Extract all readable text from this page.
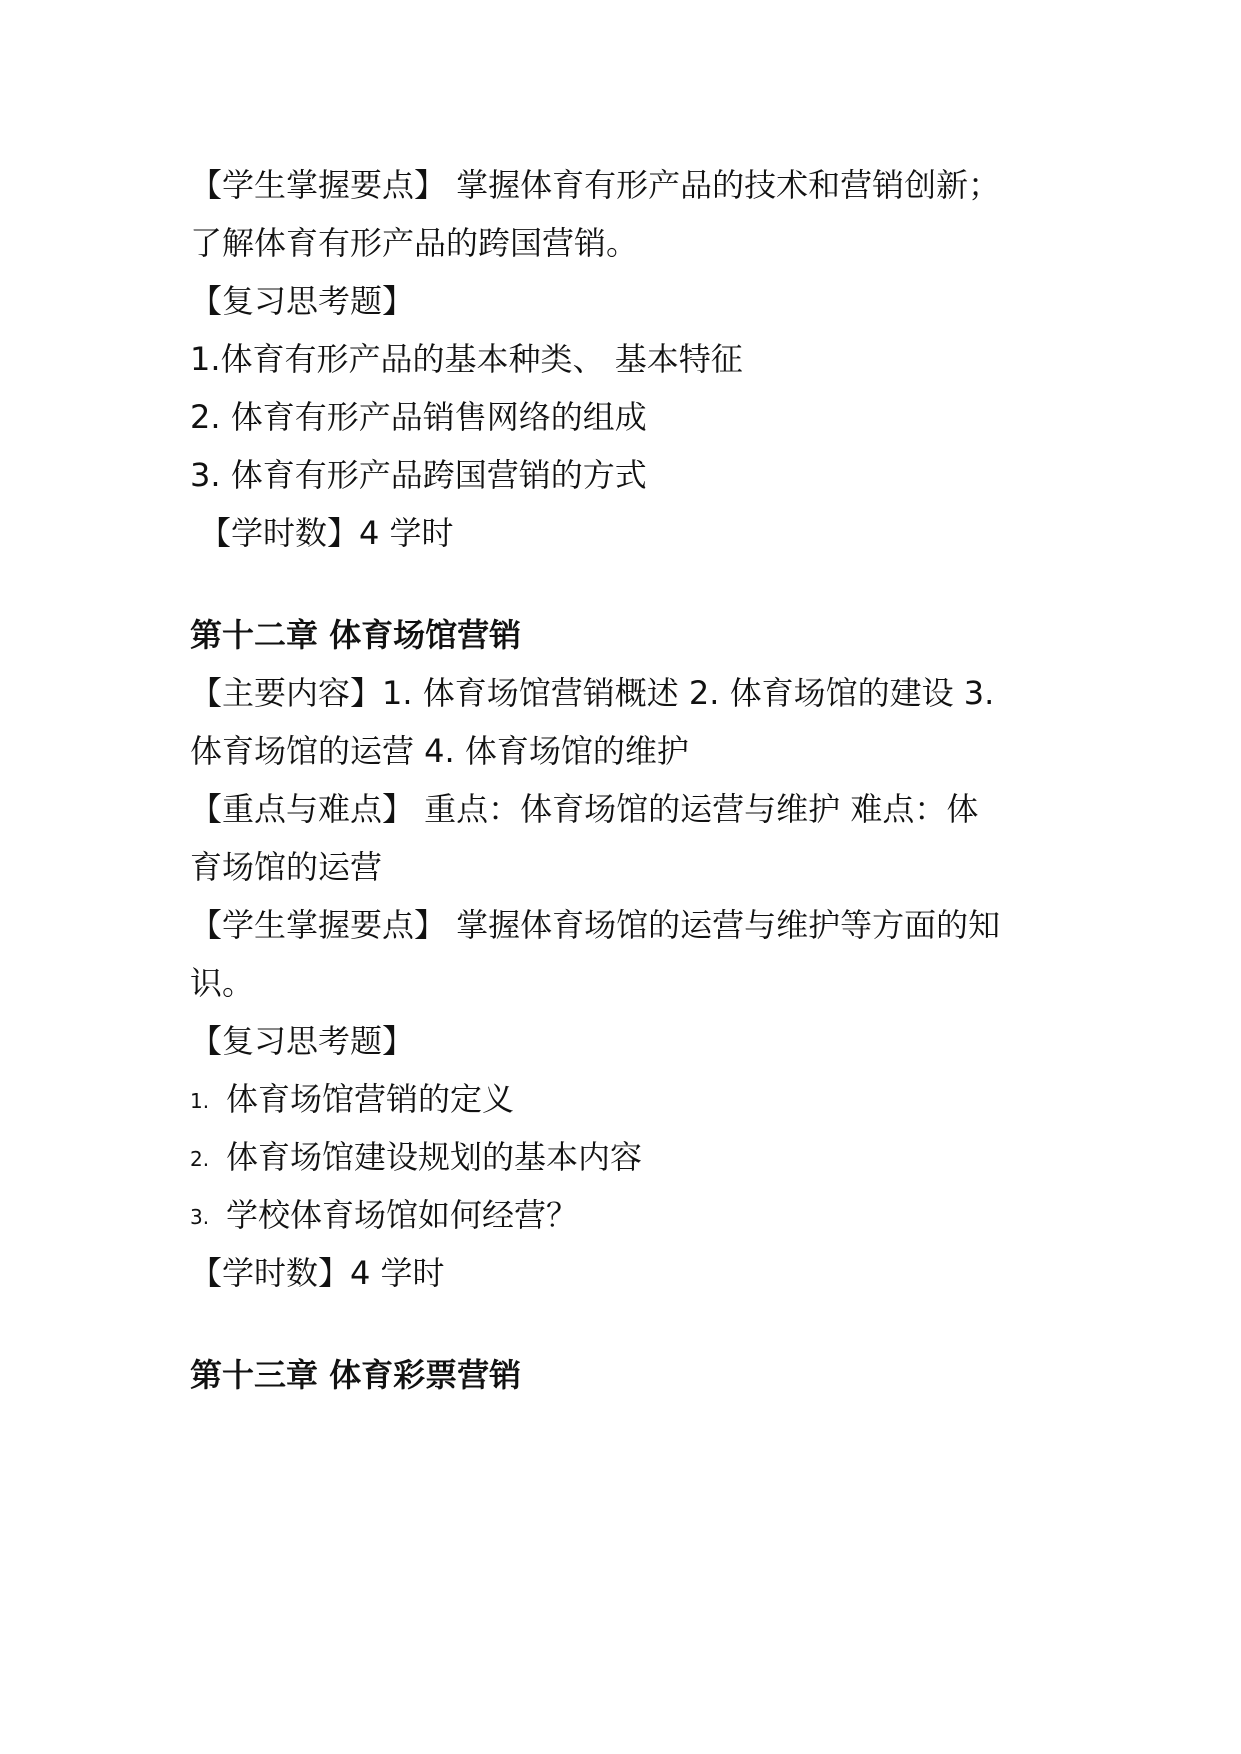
【学生掌握要点】 掌握体育有形产品的技术和营销创新；
了解体育有形产品的跨国营销。
【复习思考题】
1.体育有形产品的基本种类、 基本特征
2. 体育有形产品销售网络的组成
3. 体育有形产品跨国营销的方式
【学时数】4 学时
第十二章 体育场馆营销
【主要内容】1. 体育场馆营销概述 2. 体育场馆的建设 3.
体育场馆的运营 4. 体育场馆的维护
【重点与难点】 重点：体育场馆的运营与维护 难点：体
育场馆的运营
【学生掌握要点】 掌握体育场馆的运营与维护等方面的知
识。
【复习思考题】
1. 体育场馆营销的定义
2. 体育场馆建设规划的基本内容
3. 学校体育场馆如何经营？
【学时数】4 学时
第十三章 体育彩票营销
